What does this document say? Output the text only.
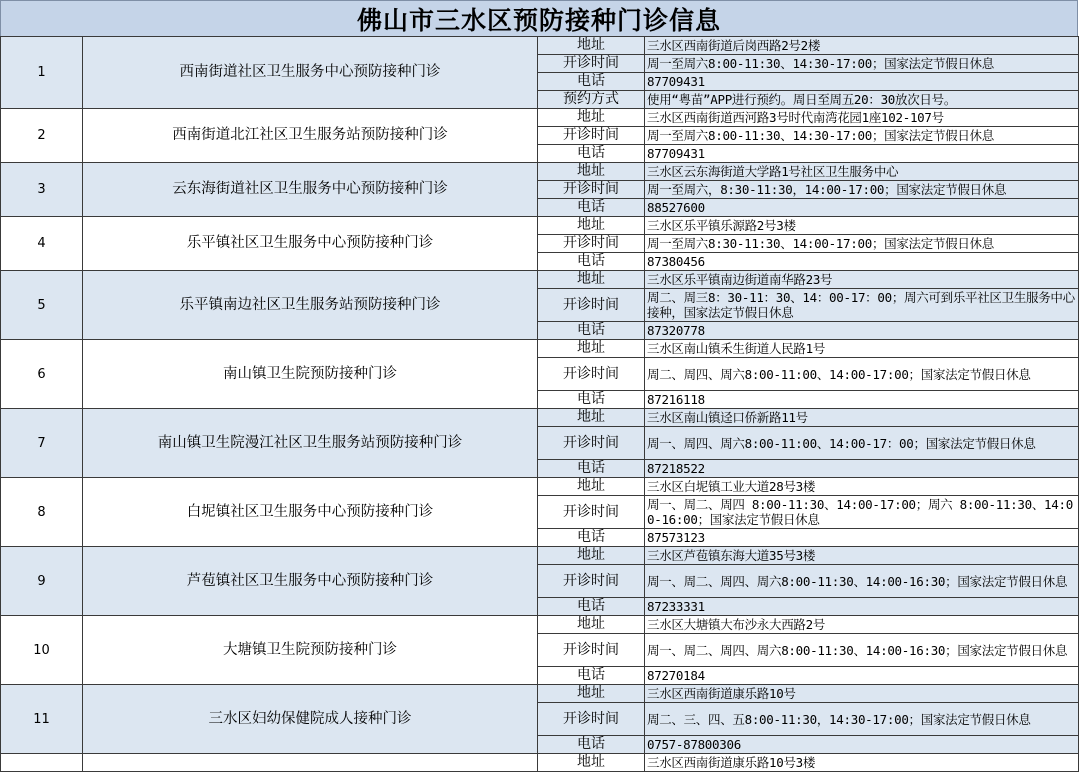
佛山市三水区预防接种门诊信息
1	西南街道社区卫生服务中心预防接种门诊	地址	三水区西南街道后岗西路2号2楼
		开诊时间	周一至周六8:00-11:30、14:30-17:00；国家法定节假日休息
		电话	87709431
		预约方式	使用“粤苗”APP进行预约。周日至周五20：30放次日号。
2	西南街道北江社区卫生服务站预防接种门诊	地址	三水区西南街道西河路3号时代南湾花园1座102-107号
		开诊时间	周一至周六8:00-11:30、14:30-17:00；国家法定节假日休息
		电话	87709431
3	云东海街道社区卫生服务中心预防接种门诊	地址	三水区云东海街道大学路1号社区卫生服务中心
		开诊时间	周一至周六，8:30-11:30，14:00-17:00；国家法定节假日休息
		电话	88527600
4	乐平镇社区卫生服务中心预防接种门诊	地址	三水区乐平镇乐源路2号3楼
		开诊时间	周一至周六8:30-11:30、14:00-17:00；国家法定节假日休息
		电话	87380456
5	乐平镇南边社区卫生服务站预防接种门诊	地址	三水区乐平镇南边街道南华路23号
		开诊时间	周二、周三8：30-11：30、14：00-17：00；周六可到乐平社区卫生服务中心接种，国家法定节假日休息
		电话	87320778
6	南山镇卫生院预防接种门诊	地址	三水区南山镇禾生街道人民路1号
		开诊时间	周二、周四、周六8:00-11:00、14:00-17:00；国家法定节假日休息
		电话	87216118
7	南山镇卫生院漫江社区卫生服务站预防接种门诊	地址	三水区南山镇迳口侨新路11号
		开诊时间	周一、周四、周六8:00-11:00、14:00-17：00；国家法定节假日休息
		电话	87218522
8	白坭镇社区卫生服务中心预防接种门诊	地址	三水区白坭镇工业大道28号3楼
		开诊时间	周一、周二、周四 8:00-11:30、14:00-17:00；周六 8:00-11:30、14:00-16:00；国家法定节假日休息
		电话	87573123
9	芦苞镇社区卫生服务中心预防接种门诊	地址	三水区芦苞镇东海大道35号3楼
		开诊时间	周一、周二、周四、周六8:00-11:30、14:00-16:30；国家法定节假日休息
		电话	87233331
10	大塘镇卫生院预防接种门诊	地址	三水区大塘镇大布沙永大西路2号
		开诊时间	周一、周二、周四、周六8:00-11:30、14:00-16:30；国家法定节假日休息
		电话	87270184
11	三水区妇幼保健院成人接种门诊	地址	三水区西南街道康乐路10号
		开诊时间	周二、三、四、五8:00-11:30，14:30-17:00；国家法定节假日休息
		电话	0757-87800306
		地址	三水区西南街道康乐路10号3楼
